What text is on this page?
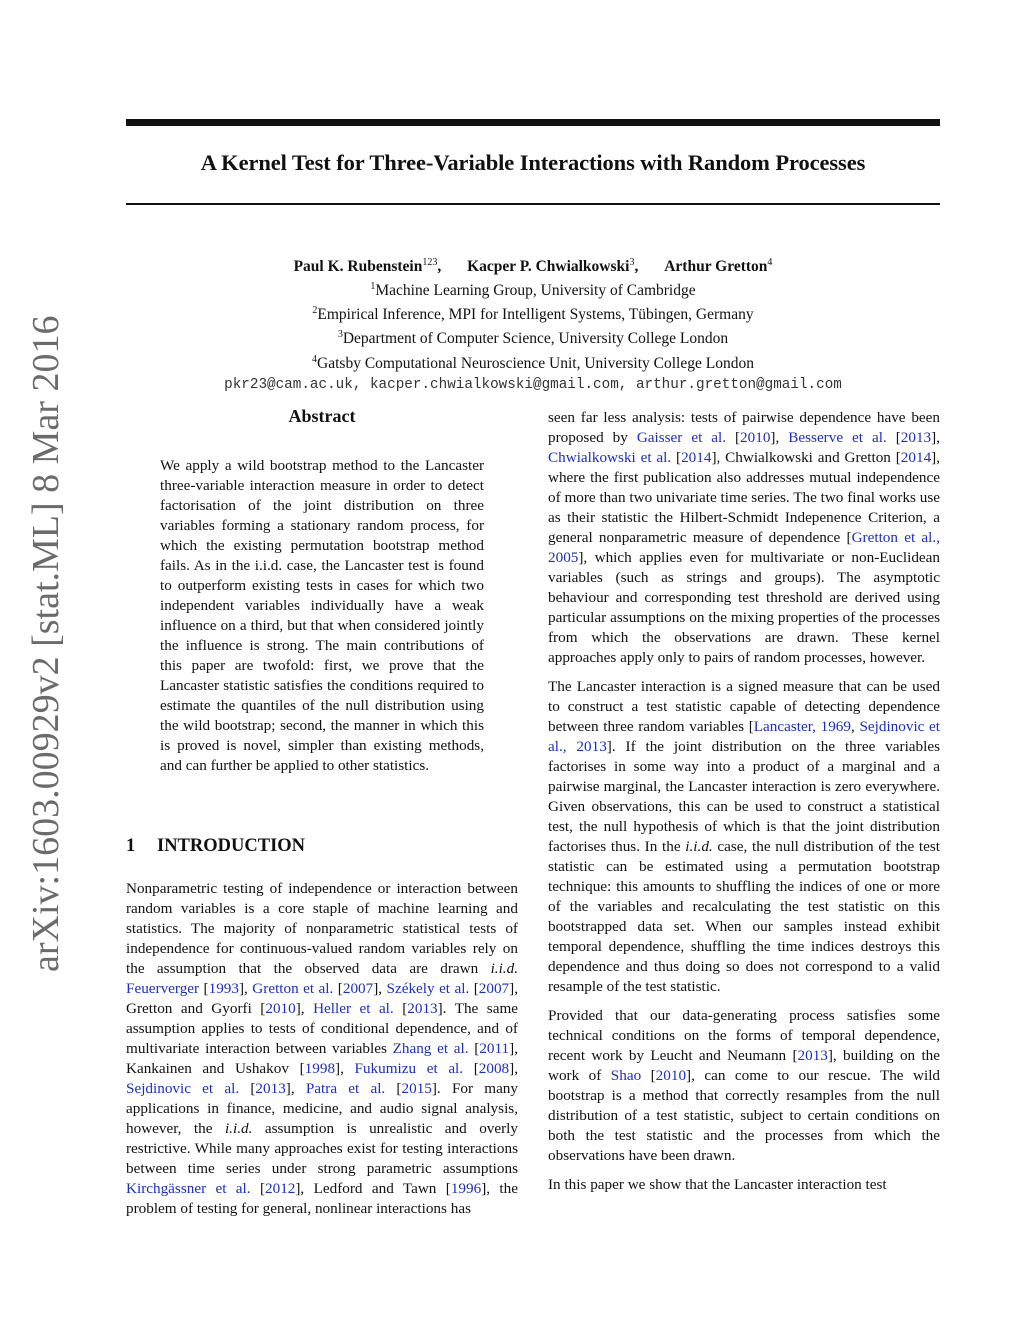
A Kernel Test for Three-Variable Interactions with Random Processes
arXiv:1603.00929v2 [stat.ML] 8 Mar 2016
Paul K. Rubenstein$^{123}$, Kacper P. Chwialkowski$^3$, Arthur Gretton$^4$

$^1$Machine Learning Group, University of Cambridge

$^2$Empirical Inference, MPI for Intelligent Systems, Tübingen, Germany

$^3$Department of Computer Science, University College London

$^4$Gatsby Computational Neuroscience Unit, University College London

pkr23@cam.ac.uk, kacper.chwialkowski@gmail.com, arthur.gretton@gmail.com
Abstract
We apply a wild bootstrap method to the Lancaster three-variable interaction measure in order to detect factorisation of the joint distribution on three variables forming a stationary random process, for which the existing permutation bootstrap method fails. As in the i.i.d. case, the Lancaster test is found to outperform existing tests in cases for which two independent variables individually have a weak influence on a third, but that when considered jointly the influence is strong. The main contributions of this paper are twofold: first, we prove that the Lancaster statistic satisfies the conditions required to estimate the quantiles of the null distribution using the wild bootstrap; second, the manner in which this is proved is novel, simpler than existing methods, and can further be applied to other statistics.
1 INTRODUCTION

Nonparametric testing of independence or interaction between random variables is a core staple of machine learning and statistics. The majority of nonparametric statistical tests of independence for continuous-valued random variables rely on the assumption that the observed data are drawn i.i.d. Feuerverger [1993], Gretton et al. [2007], Székely et al. [2007], Gretton and Gyorfi [2010], Heller et al. [2013]. The same assumption applies to tests of conditional dependence, and of multivariate interaction between variables Zhang et al. [2011], Kankainen and Ushakov [1998], Fukumizu et al. [2008], Sejdinovic et al. [2013], Patra et al. [2015]. For many applications in finance, medicine, and audio signal analysis, however, the i.i.d. assumption is unrealistic and overly restrictive. While many approaches exist for testing interactions between time series under strong parametric assumptions Kirchgässner et al. [2012], Ledford and Tawn [1996], the problem of testing for general, nonlinear interactions has

seen far less analysis: tests of pairwise dependence have been proposed by Gaisser et al. [2010], Besserve et al. [2013], Chwialkowski et al. [2014], Chwialkowski and Gretton [2014], where the first publication also addresses mutual independence of more than two univariate time series. The two final works use as their statistic the Hilbert-Schmidt Indepenence Criterion, a general nonparametric measure of dependence [Gretton et al., 2005], which applies even for multivariate or non-Euclidean variables (such as strings and groups). The asymptotic behaviour and corresponding test threshold are derived using particular assumptions on the mixing properties of the processes from which the observations are drawn. These kernel approaches apply only to pairs of random processes, however.

The Lancaster interaction is a signed measure that can be used to construct a test statistic capable of detecting dependence between three random variables [Lancaster, 1969, Sejdinovic et al., 2013]. If the joint distribution on the three variables factorises in some way into a product of a marginal and a pairwise marginal, the Lancaster interaction is zero everywhere. Given observations, this can be used to construct a statistical test, the null hypothesis of which is that the joint distribution factorises thus. In the i.i.d. case, the null distribution of the test statistic can be estimated using a permutation bootstrap technique: this amounts to shuffling the indices of one or more of the variables and recalculating the test statistic on this bootstrapped data set. When our samples instead exhibit temporal dependence, shuffling the time indices destroys this dependence and thus doing so does not correspond to a valid resample of the test statistic.

Provided that our data-generating process satisfies some technical conditions on the forms of temporal dependence, recent work by Leucht and Neumann [2013], building on the work of Shao [2010], can come to our rescue. The wild bootstrap is a method that correctly resamples from the null distribution of a test statistic, subject to certain conditions on both the test statistic and the processes from which the observations have been drawn.

In this paper we show that the Lancaster interaction test
